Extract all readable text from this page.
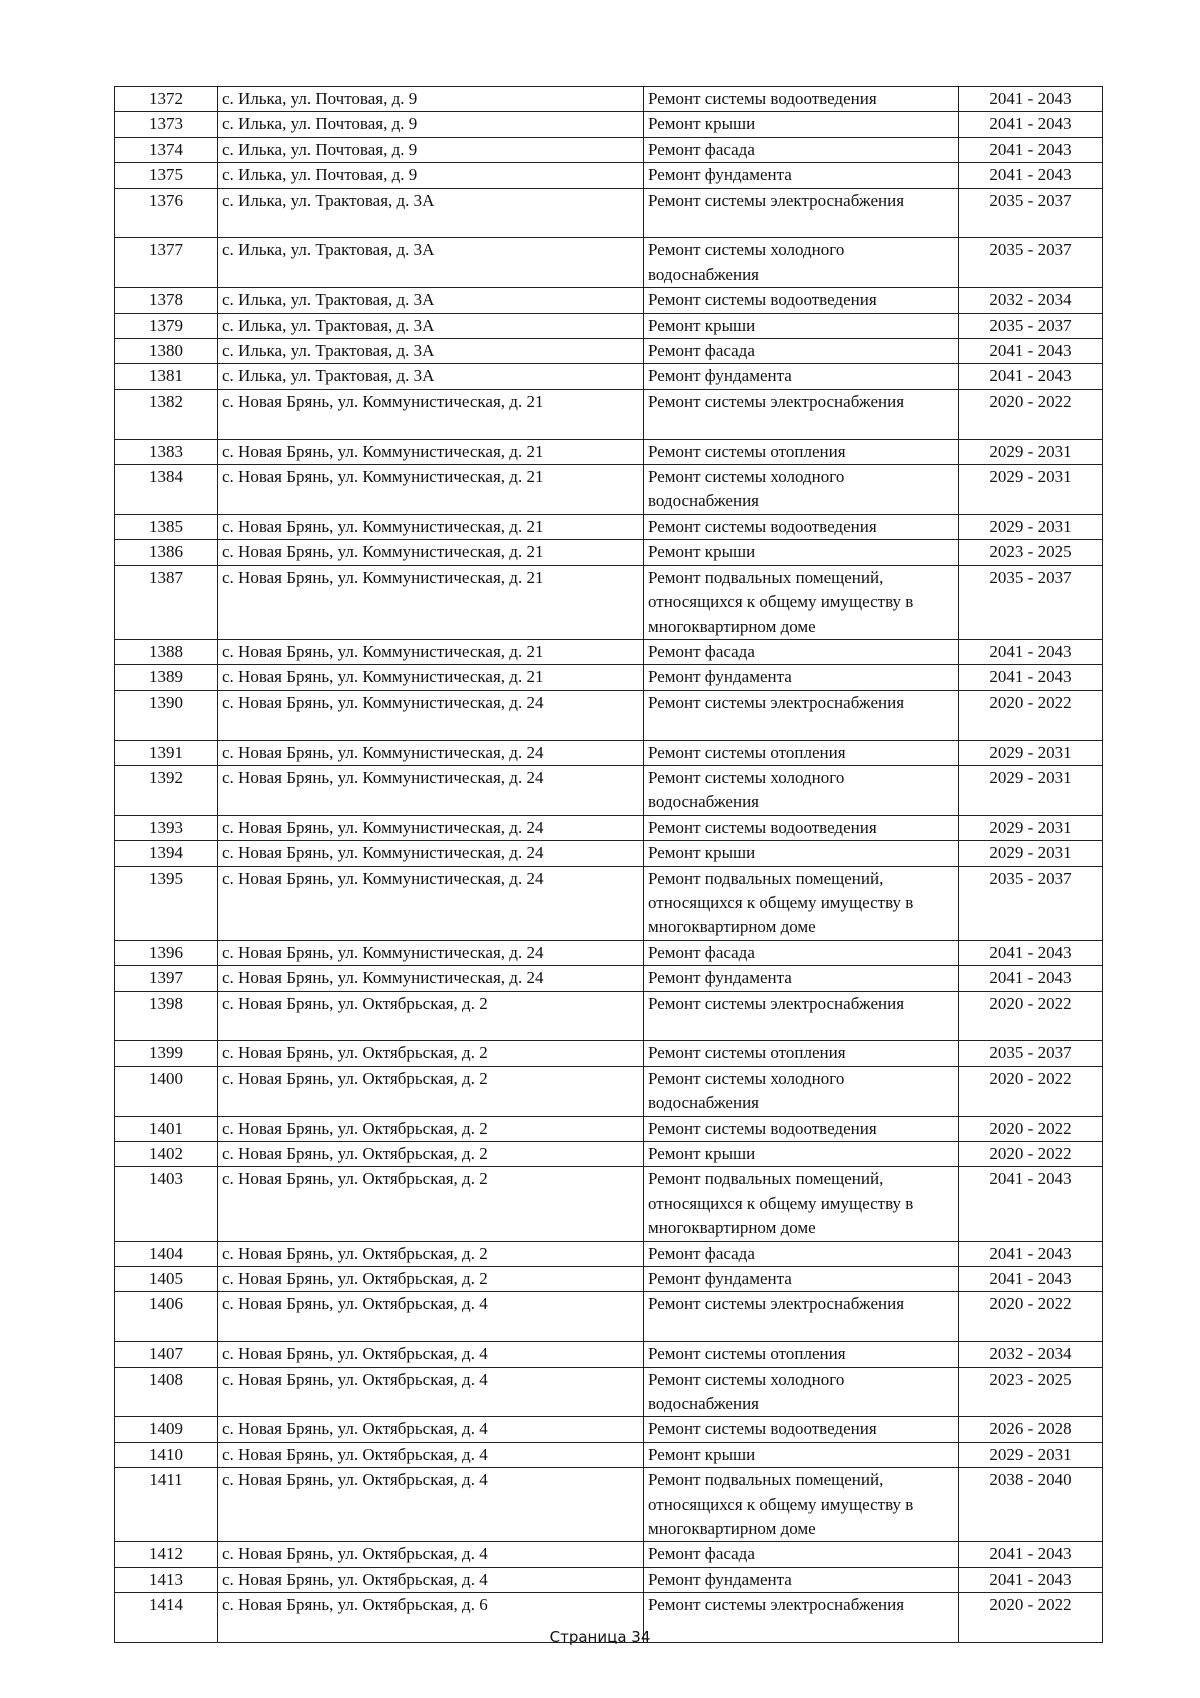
1372	с. Илька, ул. Почтовая, д. 9	Ремонт системы водоотведения	2041 - 2043
1373	с. Илька, ул. Почтовая, д. 9	Ремонт крыши	2041 - 2043
1374	с. Илька, ул. Почтовая, д. 9	Ремонт фасада	2041 - 2043
1375	с. Илька, ул. Почтовая, д. 9	Ремонт фундамента	2041 - 2043
1376	с. Илька, ул. Трактовая, д. 3А	Ремонт системы электроснабжения	2035 - 2037
1377	с. Илька, ул. Трактовая, д. 3А	Ремонт системы холодного водоснабжения	2035 - 2037
1378	с. Илька, ул. Трактовая, д. 3А	Ремонт системы водоотведения	2032 - 2034
1379	с. Илька, ул. Трактовая, д. 3А	Ремонт крыши	2035 - 2037
1380	с. Илька, ул. Трактовая, д. 3А	Ремонт фасада	2041 - 2043
1381	с. Илька, ул. Трактовая, д. 3А	Ремонт фундамента	2041 - 2043
1382	с. Новая Брянь, ул. Коммунистическая, д. 21	Ремонт системы электроснабжения	2020 - 2022
1383	с. Новая Брянь, ул. Коммунистическая, д. 21	Ремонт системы отопления	2029 - 2031
1384	с. Новая Брянь, ул. Коммунистическая, д. 21	Ремонт системы холодного водоснабжения	2029 - 2031
1385	с. Новая Брянь, ул. Коммунистическая, д. 21	Ремонт системы водоотведения	2029 - 2031
1386	с. Новая Брянь, ул. Коммунистическая, д. 21	Ремонт крыши	2023 - 2025
1387	с. Новая Брянь, ул. Коммунистическая, д. 21	Ремонт подвальных помещений, относящихся к общему имуществу в многоквартирном доме	2035 - 2037
1388	с. Новая Брянь, ул. Коммунистическая, д. 21	Ремонт фасада	2041 - 2043
1389	с. Новая Брянь, ул. Коммунистическая, д. 21	Ремонт фундамента	2041 - 2043
1390	с. Новая Брянь, ул. Коммунистическая, д. 24	Ремонт системы электроснабжения	2020 - 2022
1391	с. Новая Брянь, ул. Коммунистическая, д. 24	Ремонт системы отопления	2029 - 2031
1392	с. Новая Брянь, ул. Коммунистическая, д. 24	Ремонт системы холодного водоснабжения	2029 - 2031
1393	с. Новая Брянь, ул. Коммунистическая, д. 24	Ремонт системы водоотведения	2029 - 2031
1394	с. Новая Брянь, ул. Коммунистическая, д. 24	Ремонт крыши	2029 - 2031
1395	с. Новая Брянь, ул. Коммунистическая, д. 24	Ремонт подвальных помещений, относящихся к общему имуществу в многоквартирном доме	2035 - 2037
1396	с. Новая Брянь, ул. Коммунистическая, д. 24	Ремонт фасада	2041 - 2043
1397	с. Новая Брянь, ул. Коммунистическая, д. 24	Ремонт фундамента	2041 - 2043
1398	с. Новая Брянь, ул. Октябрьская, д. 2	Ремонт системы электроснабжения	2020 - 2022
1399	с. Новая Брянь, ул. Октябрьская, д. 2	Ремонт системы отопления	2035 - 2037
1400	с. Новая Брянь, ул. Октябрьская, д. 2	Ремонт системы холодного водоснабжения	2020 - 2022
1401	с. Новая Брянь, ул. Октябрьская, д. 2	Ремонт системы водоотведения	2020 - 2022
1402	с. Новая Брянь, ул. Октябрьская, д. 2	Ремонт крыши	2020 - 2022
1403	с. Новая Брянь, ул. Октябрьская, д. 2	Ремонт подвальных помещений, относящихся к общему имуществу в многоквартирном доме	2041 - 2043
1404	с. Новая Брянь, ул. Октябрьская, д. 2	Ремонт фасада	2041 - 2043
1405	с. Новая Брянь, ул. Октябрьская, д. 2	Ремонт фундамента	2041 - 2043
1406	с. Новая Брянь, ул. Октябрьская, д. 4	Ремонт системы электроснабжения	2020 - 2022
1407	с. Новая Брянь, ул. Октябрьская, д. 4	Ремонт системы отопления	2032 - 2034
1408	с. Новая Брянь, ул. Октябрьская, д. 4	Ремонт системы холодного водоснабжения	2023 - 2025
1409	с. Новая Брянь, ул. Октябрьская, д. 4	Ремонт системы водоотведения	2026 - 2028
1410	с. Новая Брянь, ул. Октябрьская, д. 4	Ремонт крыши	2029 - 2031
1411	с. Новая Брянь, ул. Октябрьская, д. 4	Ремонт подвальных помещений, относящихся к общему имуществу в многоквартирном доме	2038 - 2040
1412	с. Новая Брянь, ул. Октябрьская, д. 4	Ремонт фасада	2041 - 2043
1413	с. Новая Брянь, ул. Октябрьская, д. 4	Ремонт фундамента	2041 - 2043
1414	с. Новая Брянь, ул. Октябрьская, д. 6	Ремонт системы электроснабжения	2020 - 2022
Страница 34
